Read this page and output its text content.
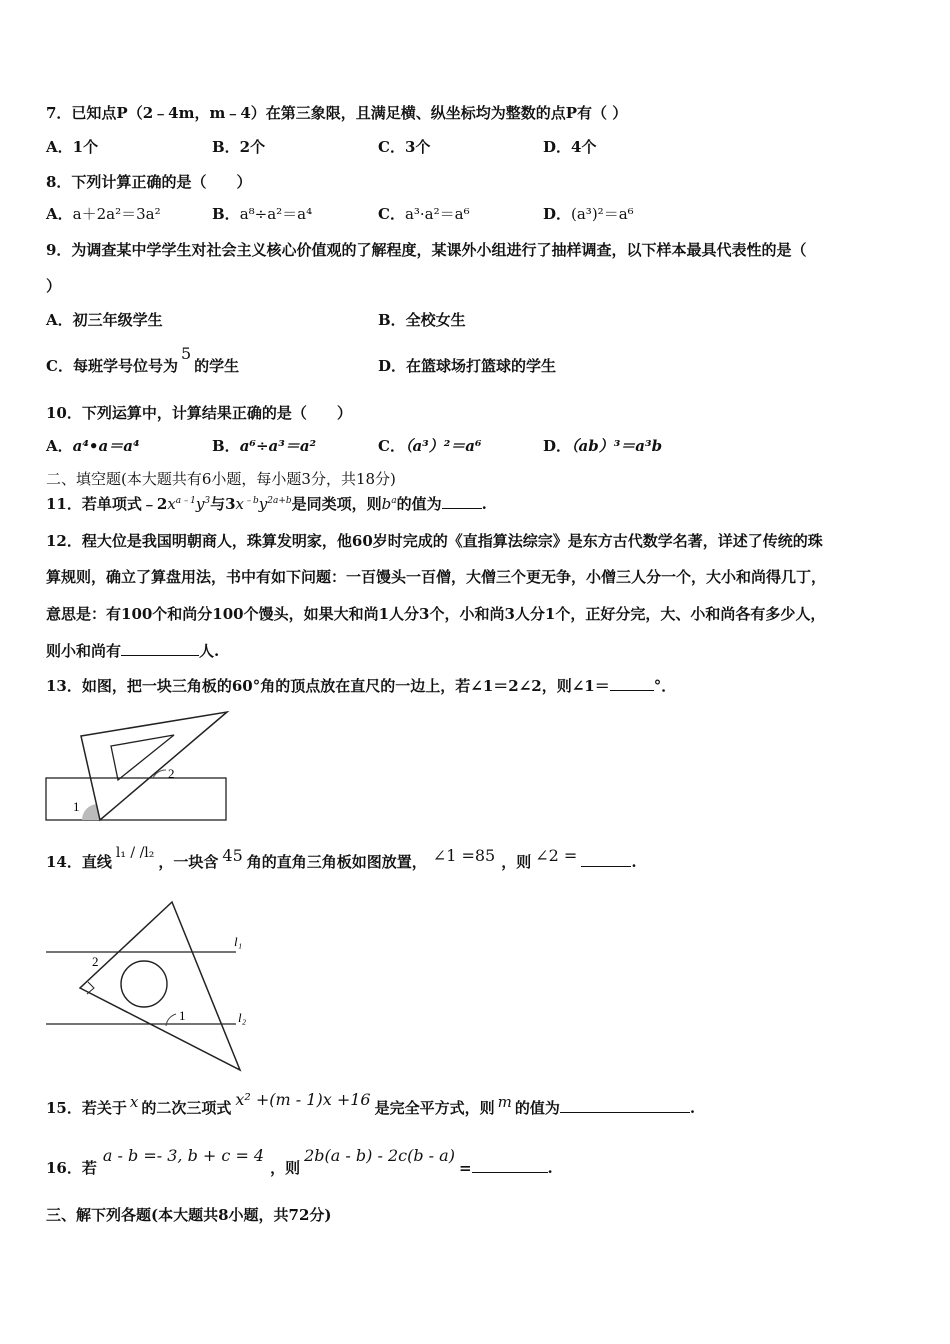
7．已知点P（2﹣4m，m﹣4）在第三象限，且满足横、纵坐标均为整数的点P有（ ）
A．1个	B．2个	C．3个	D．4个
8．下列计算正确的是（　　）
A．a＋2a²＝3a²	B．a⁸÷a²＝a⁴	C．a³·a²＝a⁶	D．(a³)²＝a⁶
9．为调查某中学学生对社会主义核心价值观的了解程度，某课外小组进行了抽样调查，以下样本最具代表性的是（
）
A．初三年级学生	B．全校女生
C．每班学号位号为5的学生	D．在篮球场打篮球的学生
10．下列运算中，计算结果正确的是（　　）
A．a⁴•a＝a⁴	B．a⁶÷a³＝a²	C．（a³）²＝a⁶	D．（ab）³＝a³b
二、填空题(本大题共有6小题，每小题3分，共18分)
11．若单项式$﹣2x^{a﹣1}y^3$与$3x^{﹣b}y^{2a+b}$是同类项，则$b^a$的值为	.
12．程大位是我国明朝商人，珠算发明家，他60岁时完成的《直指算法综宗》是东方古代数学名著，详述了传统的珠
算规则，确立了算盘用法，书中有如下问题：一百馒头一百僧，大僧三个更无争，小僧三人分一个，大小和尚得几丁，
意思是：有100个和尚分100个馒头，如果大和尚1人分3个，小和尚3人分1个，正好分完，大、小和尚各有多少人，
则小和尚有	人.
13．如图，把一块三角板的60°角的顶点放在直尺的一边上，若∠1＝2∠2，则∠1＝	°．
1
2
14．直线 l₁ / /l₂ ，一块含 45 角的直角三角板如图放置， ∠1 =85 ，则 ∠2 =	.
2
1
l₁
l₂
15．若关于 x 的二次三项式 x² +(m - 1)x +16 是完全平方式，则 m 的值为	.
16．若a - b =- 3, b + c = 4，则2b(a - b) - 2c(b - a)=	.
三、解下列各题(本大题共8小题，共72分)
